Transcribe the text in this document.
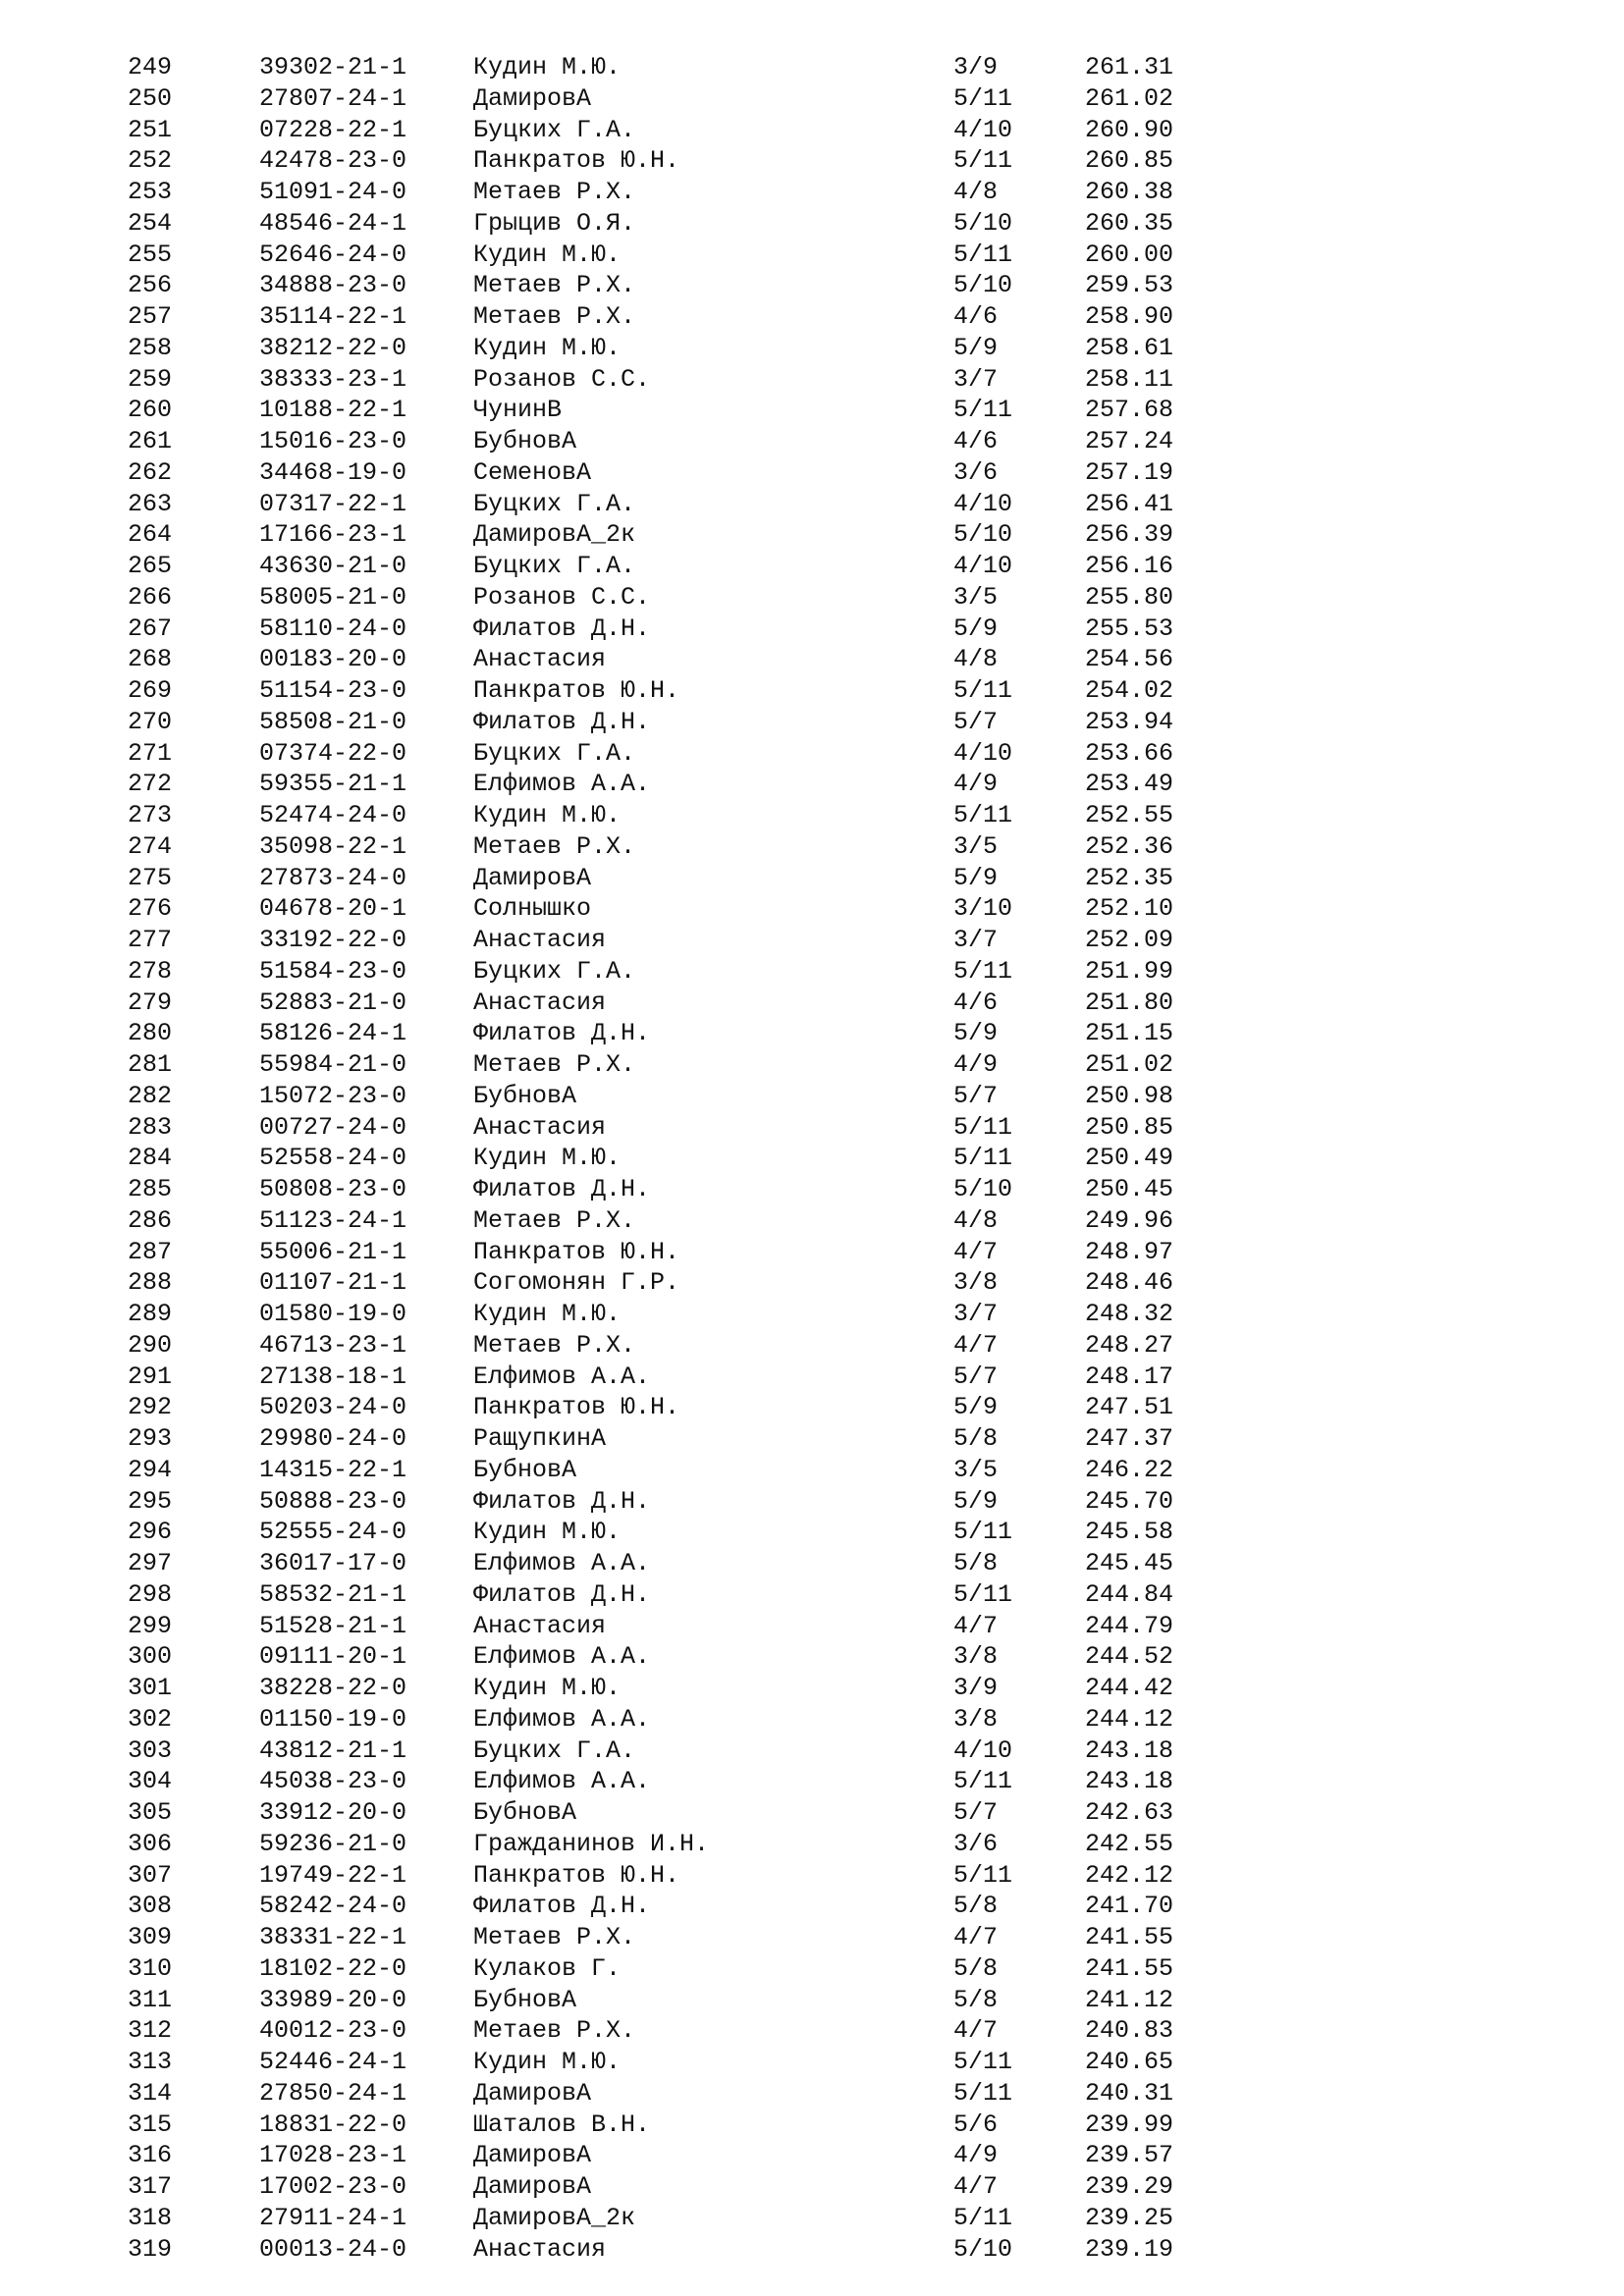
249	39302-21-1	Кудин М.Ю.	3/9	261.31
250	27807-24-1	ДамировА	5/11	261.02
251	07228-22-1	Буцких Г.А.	4/10	260.90
252	42478-23-0	Панкратов Ю.Н.	5/11	260.85
253	51091-24-0	Метаев Р.Х.	4/8	260.38
254	48546-24-1	Грыцив О.Я.	5/10	260.35
255	52646-24-0	Кудин М.Ю.	5/11	260.00
256	34888-23-0	Метаев Р.Х.	5/10	259.53
257	35114-22-1	Метаев Р.Х.	4/6	258.90
258	38212-22-0	Кудин М.Ю.	5/9	258.61
259	38333-23-1	Розанов С.С.	3/7	258.11
260	10188-22-1	ЧунинВ	5/11	257.68
261	15016-23-0	БубновА	4/6	257.24
262	34468-19-0	СеменовА	3/6	257.19
263	07317-22-1	Буцких Г.А.	4/10	256.41
264	17166-23-1	ДамировА_2к	5/10	256.39
265	43630-21-0	Буцких Г.А.	4/10	256.16
266	58005-21-0	Розанов С.С.	3/5	255.80
267	58110-24-0	Филатов Д.Н.	5/9	255.53
268	00183-20-0	Анастасия	4/8	254.56
269	51154-23-0	Панкратов Ю.Н.	5/11	254.02
270	58508-21-0	Филатов Д.Н.	5/7	253.94
271	07374-22-0	Буцких Г.А.	4/10	253.66
272	59355-21-1	Елфимов А.А.	4/9	253.49
273	52474-24-0	Кудин М.Ю.	5/11	252.55
274	35098-22-1	Метаев Р.Х.	3/5	252.36
275	27873-24-0	ДамировА	5/9	252.35
276	04678-20-1	Солнышко	3/10	252.10
277	33192-22-0	Анастасия	3/7	252.09
278	51584-23-0	Буцких Г.А.	5/11	251.99
279	52883-21-0	Анастасия	4/6	251.80
280	58126-24-1	Филатов Д.Н.	5/9	251.15
281	55984-21-0	Метаев Р.Х.	4/9	251.02
282	15072-23-0	БубновА	5/7	250.98
283	00727-24-0	Анастасия	5/11	250.85
284	52558-24-0	Кудин М.Ю.	5/11	250.49
285	50808-23-0	Филатов Д.Н.	5/10	250.45
286	51123-24-1	Метаев Р.Х.	4/8	249.96
287	55006-21-1	Панкратов Ю.Н.	4/7	248.97
288	01107-21-1	Согомонян Г.Р.	3/8	248.46
289	01580-19-0	Кудин М.Ю.	3/7	248.32
290	46713-23-1	Метаев Р.Х.	4/7	248.27
291	27138-18-1	Елфимов А.А.	5/7	248.17
292	50203-24-0	Панкратов Ю.Н.	5/9	247.51
293	29980-24-0	РащупкинА	5/8	247.37
294	14315-22-1	БубновА	3/5	246.22
295	50888-23-0	Филатов Д.Н.	5/9	245.70
296	52555-24-0	Кудин М.Ю.	5/11	245.58
297	36017-17-0	Елфимов А.А.	5/8	245.45
298	58532-21-1	Филатов Д.Н.	5/11	244.84
299	51528-21-1	Анастасия	4/7	244.79
300	09111-20-1	Елфимов А.А.	3/8	244.52
301	38228-22-0	Кудин М.Ю.	3/9	244.42
302	01150-19-0	Елфимов А.А.	3/8	244.12
303	43812-21-1	Буцких Г.А.	4/10	243.18
304	45038-23-0	Елфимов А.А.	5/11	243.18
305	33912-20-0	БубновА	5/7	242.63
306	59236-21-0	Гражданинов И.Н.	3/6	242.55
307	19749-22-1	Панкратов Ю.Н.	5/11	242.12
308	58242-24-0	Филатов Д.Н.	5/8	241.70
309	38331-22-1	Метаев Р.Х.	4/7	241.55
310	18102-22-0	Кулаков Г.	5/8	241.55
311	33989-20-0	БубновА	5/8	241.12
312	40012-23-0	Метаев Р.Х.	4/7	240.83
313	52446-24-1	Кудин М.Ю.	5/11	240.65
314	27850-24-1	ДамировА	5/11	240.31
315	18831-22-0	Шаталов В.Н.	5/6	239.99
316	17028-23-1	ДамировА	4/9	239.57
317	17002-23-0	ДамировА	4/7	239.29
318	27911-24-1	ДамировА_2к	5/11	239.25
319	00013-24-0	Анастасия	5/10	239.19
